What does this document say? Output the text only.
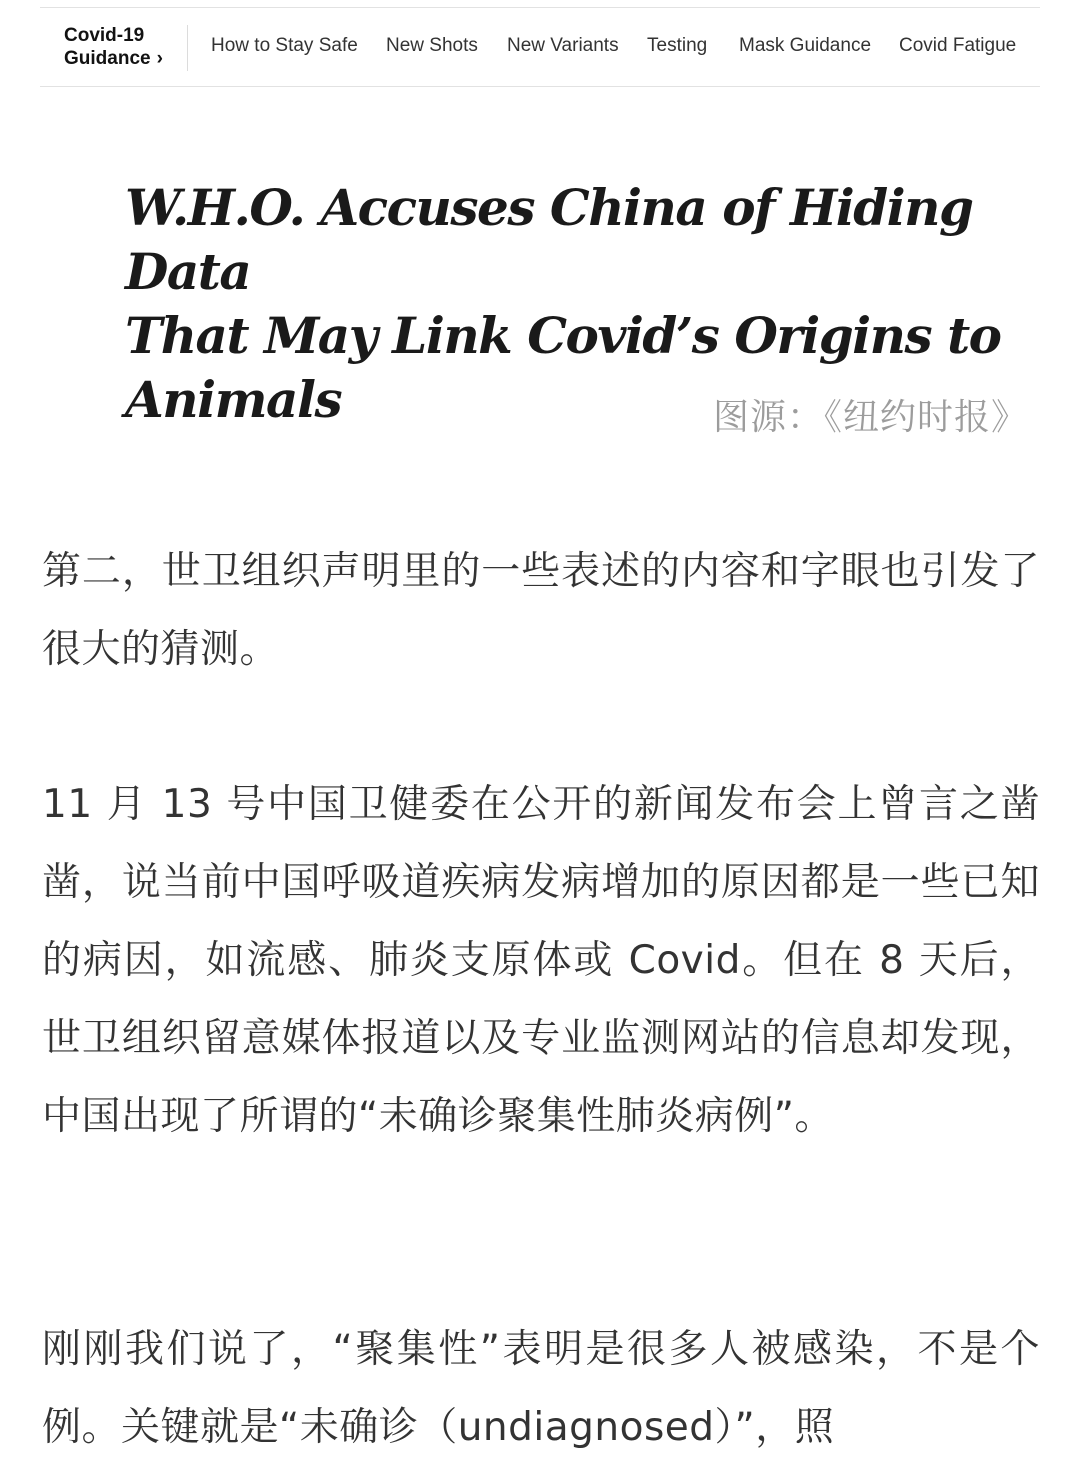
Covid-19
Guidance ›
How to Stay Safe New Shots New Variants Testing Mask Guidance Covid Fatigue
W.H.O. Accuses China of Hiding Data
That May Link Covid’s Origins to
Animals	图源：《纽约时报》
第二，世卫组织声明里的一些表述的内容和字眼也引发了很大的猜测。
11 月 13 号中国卫健委在公开的新闻发布会上曾言之凿凿，说当前中国呼吸道疾病发病增加的原因都是一些已知的病因，如流感、肺炎支原体或 Covid。但在 8 天后，世卫组织留意媒体报道以及专业监测网站的信息却发现，中国出现了所谓的“未确诊聚集性肺炎病例”。
刚刚我们说了，“聚集性”表明是很多人被感染，不是个例。关键就是“未确诊（undiagnosed）”，照
